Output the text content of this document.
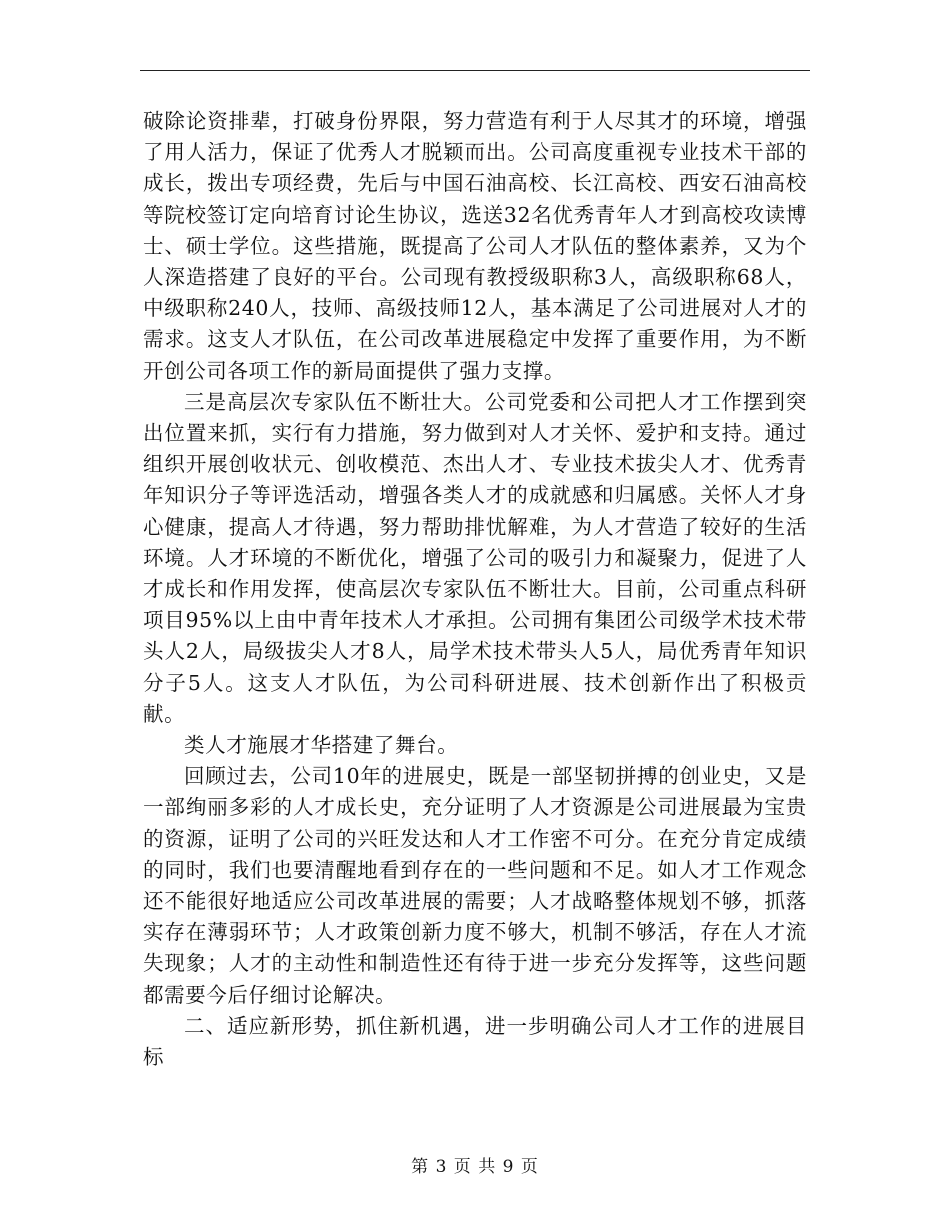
破除论资排辈，打破身份界限，努力营造有利于人尽其才的环境，增强了用人活力，保证了优秀人才脱颖而出。公司高度重视专业技术干部的成长，拨出专项经费，先后与中国石油高校、长江高校、西安石油高校等院校签订定向培育讨论生协议，选送32名优秀青年人才到高校攻读博士、硕士学位。这些措施，既提高了公司人才队伍的整体素养，又为个人深造搭建了良好的平台。公司现有教授级职称3人，高级职称68人，中级职称240人，技师、高级技师12人，基本满足了公司进展对人才的需求。这支人才队伍，在公司改革进展稳定中发挥了重要作用，为不断开创公司各项工作的新局面提供了强力支撑。

三是高层次专家队伍不断壮大。公司党委和公司把人才工作摆到突出位置来抓，实行有力措施，努力做到对人才关怀、爱护和支持。通过组织开展创收状元、创收模范、杰出人才、专业技术拔尖人才、优秀青年知识分子等评选活动，增强各类人才的成就感和归属感。关怀人才身心健康，提高人才待遇，努力帮助排忧解难，为人才营造了较好的生活环境。人才环境的不断优化，增强了公司的吸引力和凝聚力，促进了人才成长和作用发挥，使高层次专家队伍不断壮大。目前，公司重点科研项目95%以上由中青年技术人才承担。公司拥有集团公司级学术技术带头人2人，局级拔尖人才8人，局学术技术带头人5人，局优秀青年知识分子5人。这支人才队伍，为公司科研进展、技术创新作出了积极贡献。

类人才施展才华搭建了舞台。

回顾过去，公司10年的进展史，既是一部坚韧拼搏的创业史，又是一部绚丽多彩的人才成长史，充分证明了人才资源是公司进展最为宝贵的资源，证明了公司的兴旺发达和人才工作密不可分。在充分肯定成绩的同时，我们也要清醒地看到存在的一些问题和不足。如人才工作观念还不能很好地适应公司改革进展的需要；人才战略整体规划不够，抓落实存在薄弱环节；人才政策创新力度不够大，机制不够活，存在人才流失现象；人才的主动性和制造性还有待于进一步充分发挥等，这些问题都需要今后仔细讨论解决。

二、适应新形势，抓住新机遇，进一步明确公司人才工作的进展目标

第 3 页 共 9 页
